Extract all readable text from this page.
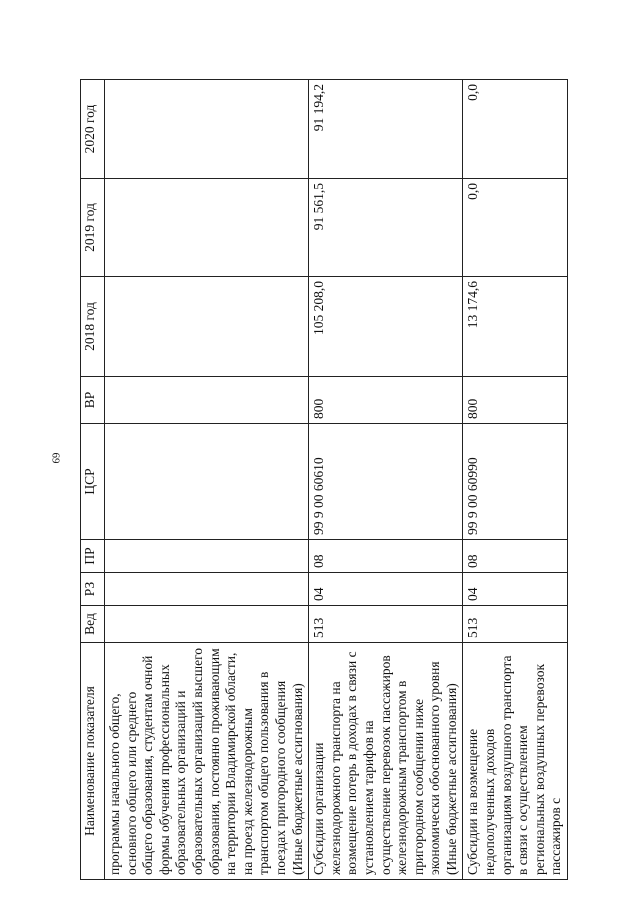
69
Наименование показателя	Вед	РЗ	ПР	ЦСР	ВР	2018 год	2019 год	2020 год
программы начального общего, основного общего или среднего общего образования, студентам очной формы обучения профессиональных образовательных организаций и образовательных организаций высшего образования, постоянно проживающим на территории Владимирской области, на проезд железнодорожным транспортом общего пользования в поездах пригородного сообщения (Иные бюджетные ассигнования)								
Субсидии организации железнодорожного транспорта на возмещение потерь в доходах в связи с установлением тарифов на осуществление перевозок пассажиров железнодорожным транспортом в пригородном сообщении ниже экономически обоснованного уровня (Иные бюджетные ассигнования)	513	04	08	99 9 00 60610	800	105 208,0	91 561,5	91 194,2
Субсидии на возмещение недополученных доходов организациям воздушного транспорта в связи с осуществлением региональных воздушных перевозок пассажиров с	513	04	08	99 9 00 60990	800	13 174,6	0,0	0,0
